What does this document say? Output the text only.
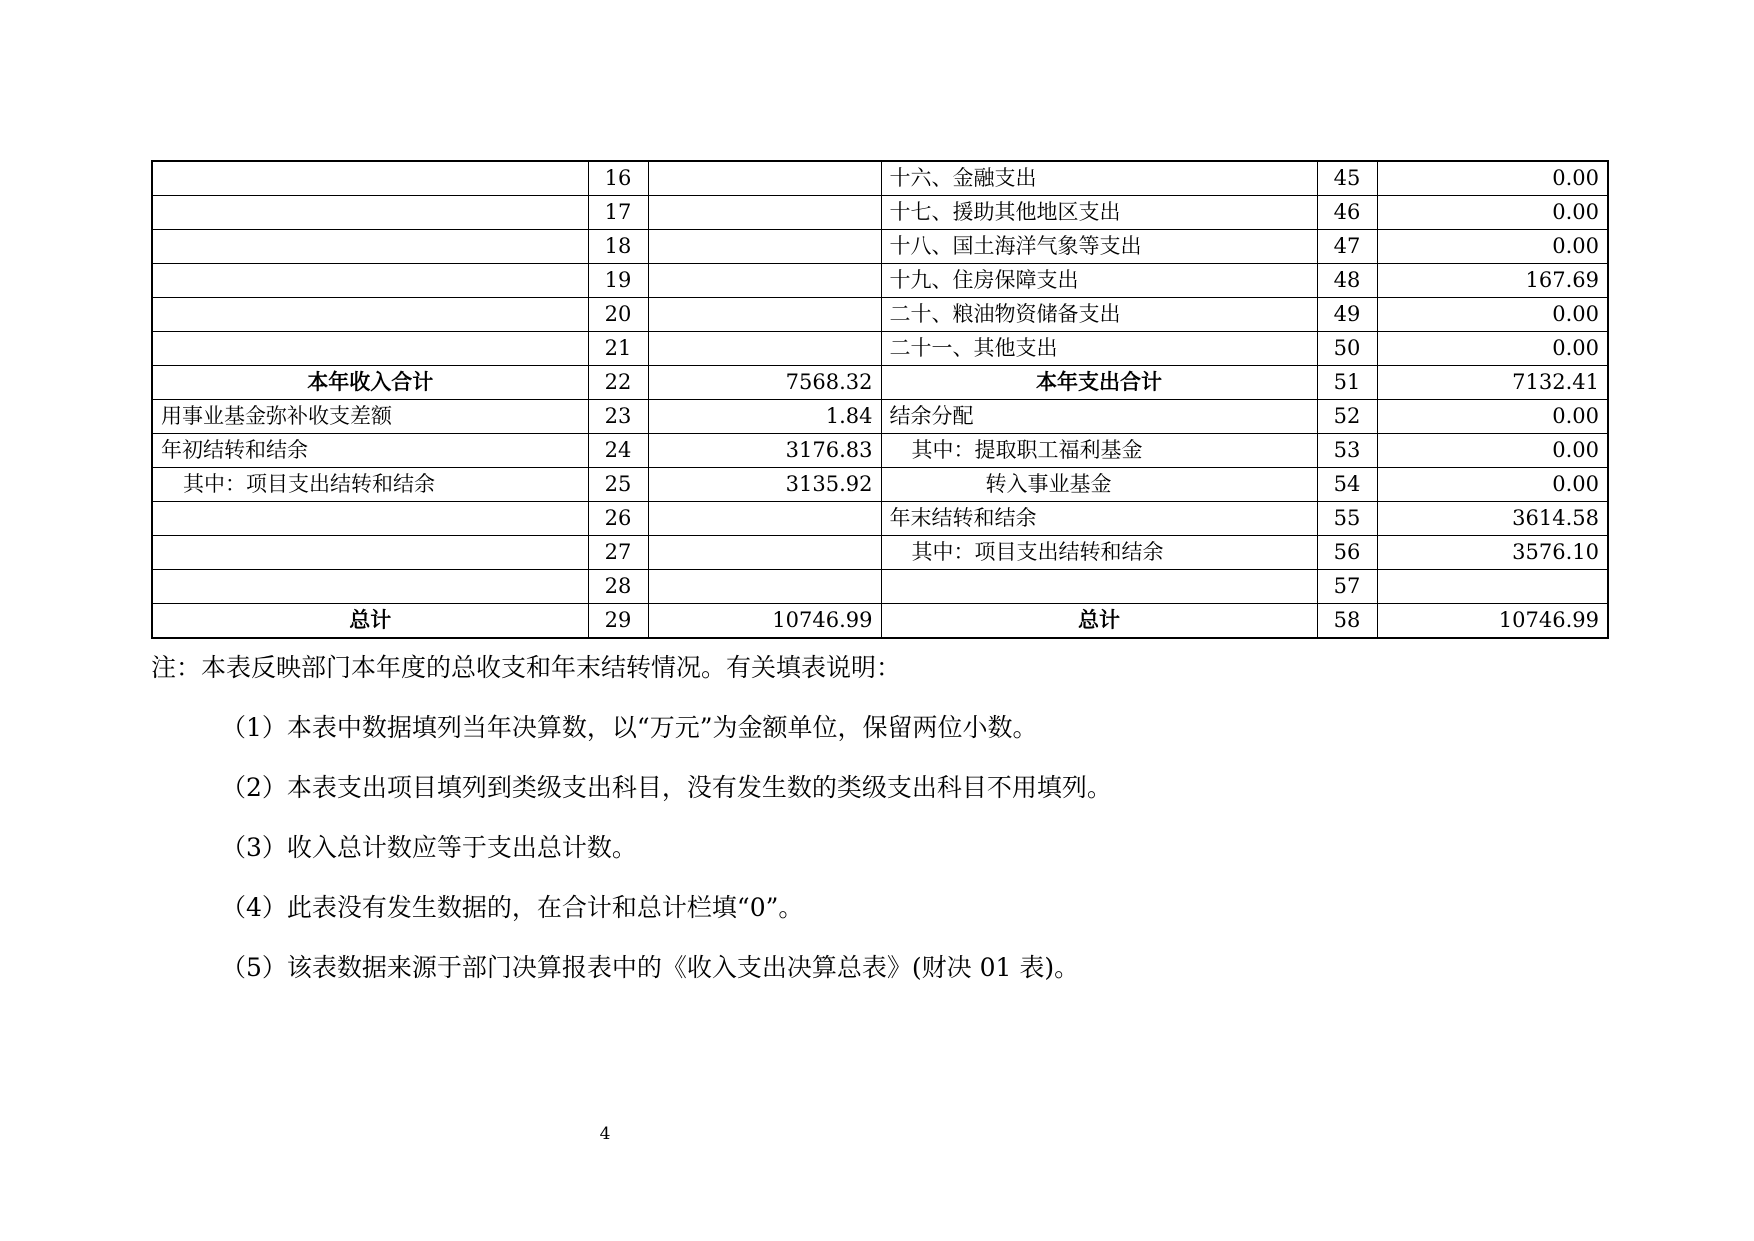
	16		十六、金融支出	45	0.00
	17		十七、援助其他地区支出	46	0.00
	18		十八、国土海洋气象等支出	47	0.00
	19		十九、住房保障支出	48	167.69
	20		二十、粮油物资储备支出	49	0.00
	21		二十一、其他支出	50	0.00
本年收入合计	22	7568.32	本年支出合计	51	7132.41
用事业基金弥补收支差额	23	1.84	结余分配	52	0.00
年初结转和结余	24	3176.83	其中：提取职工福利基金	53	0.00
其中：项目支出结转和结余	25	3135.92	转入事业基金	54	0.00
	26		年末结转和结余	55	3614.58
	27		其中：项目支出结转和结余	56	3576.10
	28			57	
总计	29	10746.99	总计	58	10746.99

注：本表反映部门本年度的总收支和年末结转情况。有关填表说明：

（1）本表中数据填列当年决算数，以“万元”为金额单位，保留两位小数。

（2）本表支出项目填列到类级支出科目，没有发生数的类级支出科目不用填列。

（3）收入总计数应等于支出总计数。

（4）此表没有发生数据的，在合计和总计栏填“0”。

（5）该表数据来源于部门决算报表中的《收入支出决算总表》(财决 01 表)。

4
